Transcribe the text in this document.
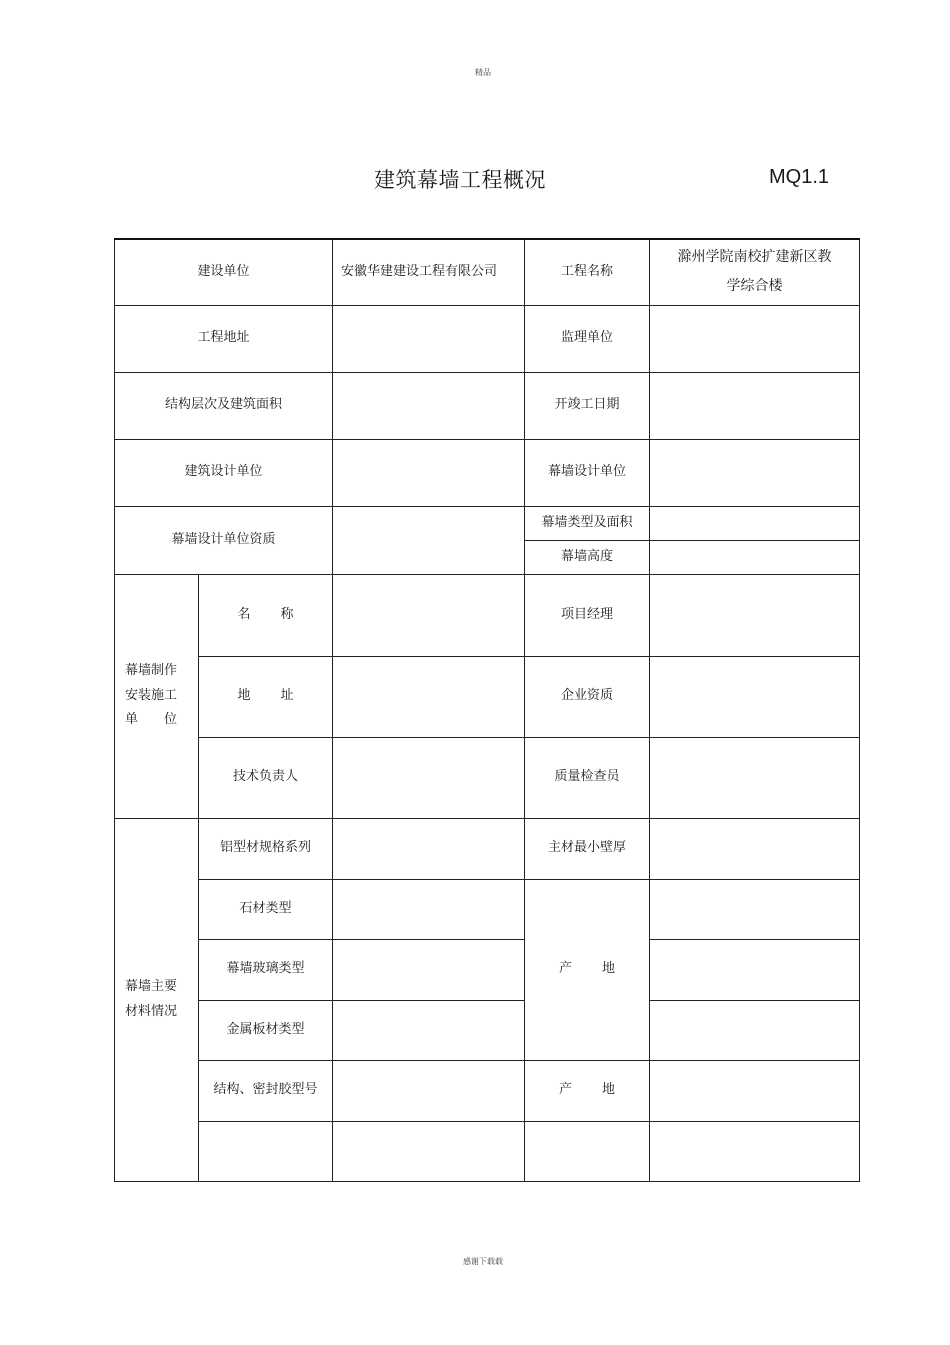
精品
建筑幕墙工程概况	MQ1.1
建设单位		安徽华建建设工程有限公司	工程名称	滁州学院南校扩建新区教
学综合楼

工程地址			监理单位	
结构层次及建筑面积			开竣工日期	
建筑设计单位			幕墙设计单位	
幕墙设计单位资质			幕墙类型及面积	
			幕墙高度	

幕墙制作
安装施工
单 位	名 称		项目经理	
	地 址		企业资质	
	技术负责人		质量检查员	

幕墙主要
材料情况	铝型材规格系列		主材最小壁厚	
	石材类型		产 地	
	幕墙玻璃类型			
	金属板材类型			
	结构、密封胶型号		产 地	

感谢下载载
